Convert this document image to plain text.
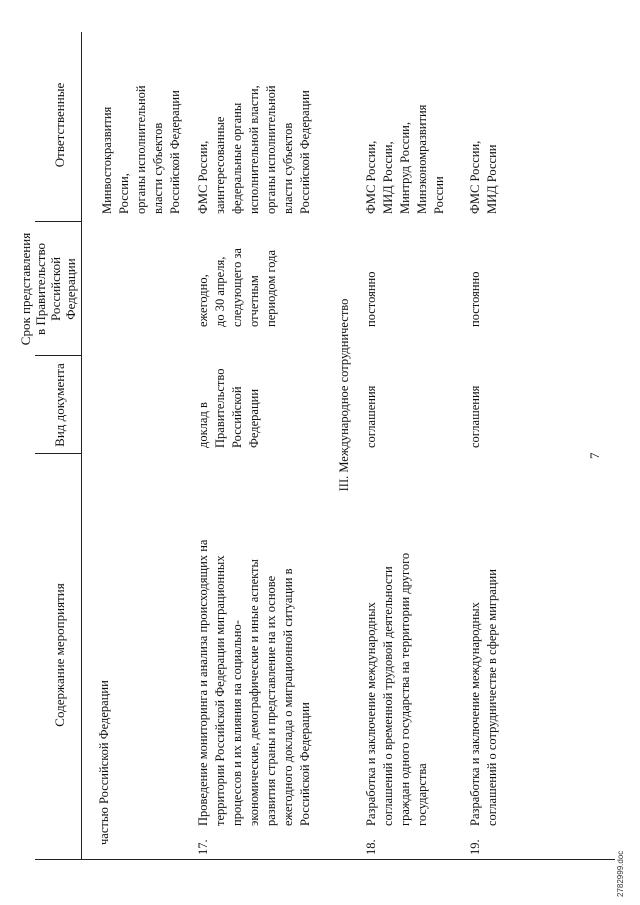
7
2782999.doc
Содержание мероприятия
Вид документа
Срок представления в Правительство Российской Федерации
Ответственные
частью Российской Федерации
Минвостокразвития России, органы исполнительной власти субъектов Российской Федерации
17.
Проведение мониторинга и анализа происходящих на территории Российской Федерации миграционных процессов и их влияния на социально- экономические, демографические и иные аспекты развития страны и представление на их основе ежегодного доклада о миграционной ситуации в Российской Федерации
доклад в Правительство Российской Федерации
ежегодно, до 30 апреля, следующего за отчетным периодом года
ФМС России, заинтересованные федеральные органы исполнительной власти, органы исполнительной власти субъектов Российской Федерации
III. Международное сотрудничество
18.
Разработка и заключение международных соглашений о временной трудовой деятельности граждан одного государства на территории другого государства
соглашения
постоянно
ФМС России, МИД России, Минтруд России, Минэкономразвития России
19.
Разработка и заключение международных соглашений о сотрудничестве в сфере миграции
соглашения
постоянно
ФМС России, МИД России
